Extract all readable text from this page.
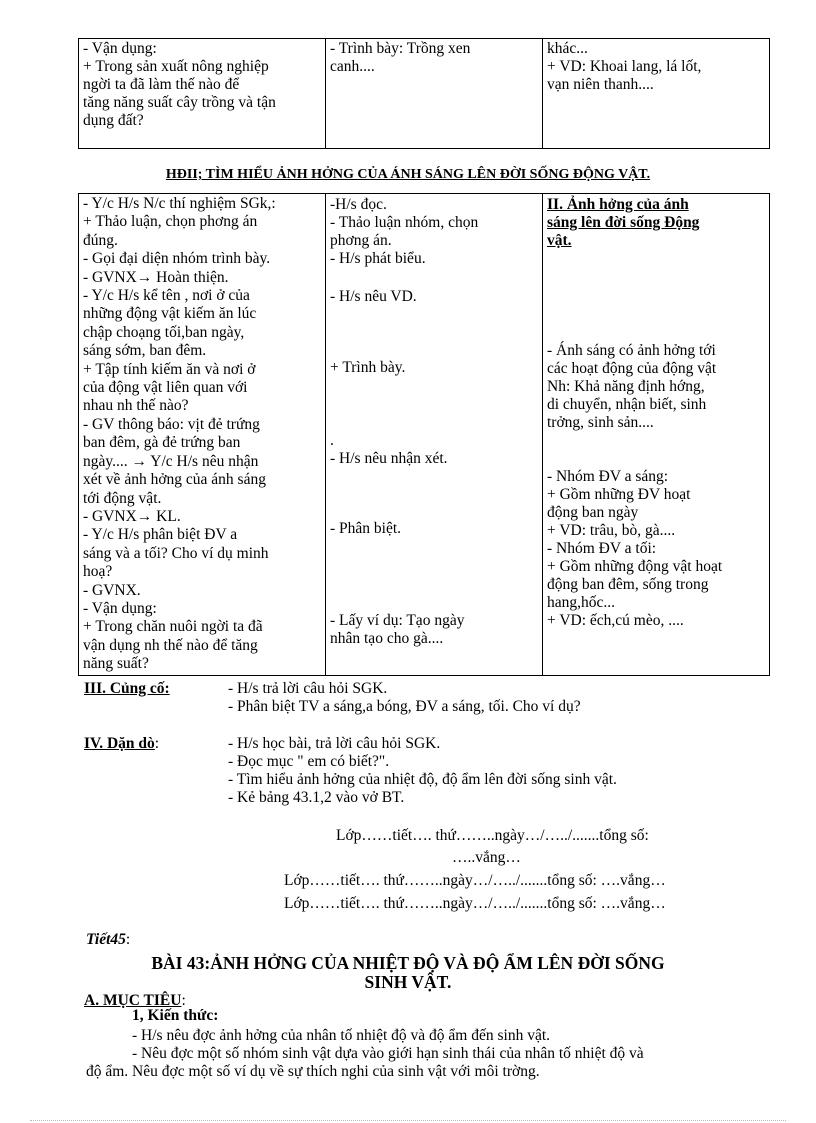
- Vận dụng:
+ Trong sản xuất nông nghiệp
ngời ta đã làm thế nào để
tăng năng suất cây trồng và tận
dụng đất?

- Trình bày: Trồng xen
canh....

khác...
+ VD: Khoai lang, lá lốt,
vạn niên thanh....
HĐII; TÌM HIỂU ẢNH HỞNG CỦA ÁNH SÁNG LÊN ĐỜI SỐNG ĐỘNG VẬT.
- Y/c H/s N/c thí nghiệm SGk,:
+ Thảo luận, chọn phơng án
đúng.
- Gọi đại diện nhóm trình bày.
- GVNX→ Hoàn thiện.
- Y/c H/s kể tên , nơi ở của
những động vật kiếm ăn lúc
chập choạng tối,ban ngày,
sáng sớm, ban đêm.
+ Tập tính kiếm ăn và nơi ở
của động vật liên quan với
nhau nh thế nào?
- GV thông báo: vịt đẻ trứng
ban đêm, gà đẻ trứng ban
ngày.... → Y/c H/s nêu nhận
xét về ảnh hởng của ánh sáng
tới động vật.
- GVNX→ KL.
- Y/c H/s phân biệt ĐV a
sáng và a tối? Cho ví dụ minh
hoạ?
- GVNX.
- Vận dụng:
+ Trong chăn nuôi ngời ta đã
vận dụng nh thế nào để tăng
năng suất?

-H/s đọc.
- Thảo luận nhóm, chọn
phơng án.
- H/s phát biểu.
- H/s nêu VD.
+ Trình bày.
.
- H/s nêu nhận xét.
- Phân biệt.
- Lấy ví dụ: Tạo ngày
nhân tạo cho gà....

II. Ảnh hởng của ánh
sáng lên đời sống Động
vật.
- Ánh sáng có ảnh hởng tới
các hoạt động của động vật
Nh: Khả năng định hớng,
di chuyển, nhận biết, sinh
trởng, sinh sản....
- Nhóm ĐV a sáng:
+ Gồm những ĐV hoạt
động ban ngày
+ VD: trâu, bò, gà....
- Nhóm ĐV a tối:
+ Gồm những động vật hoạt
động ban đêm, sống trong
hang,hốc...
+ VD: ếch,cú mèo, ....
III. Củng cố:	- H/s trả lời câu hỏi SGK.
- Phân biệt TV a sáng,a bóng, ĐV a sáng, tối. Cho ví dụ?
IV. Dặn dò:	- H/s học bài, trả lời câu hỏi SGK.
- Đọc mục " em có biết?".
- Tìm hiểu ảnh hởng của nhiệt độ, độ ẩm lên đời sống sinh vật.
- Kẻ bảng 43.1,2 vào vở BT.
Lớp……tiết…. thứ……..ngày…/…../.......tổng số:
…..vắng…
Lớp……tiết…. thứ……..ngày…/…../.......tổng số: ….vắng…
Lớp……tiết…. thứ……..ngày…/…../.......tổng số: ….vắng…
Tiết45:
BÀI 43:ẢNH HỞNG CỦA NHIỆT ĐỘ VÀ ĐỘ ẨM LÊN ĐỜI SỐNG
SINH VẬT.
A. MỤC TIÊU:
1, Kiến thức:
- H/s nêu đợc ảnh hởng của nhân tố nhiệt độ và độ ẩm đến sinh vật.
- Nêu đợc một số nhóm sinh vật dựa vào giới hạn sinh thái của nhân tố nhiệt độ và
độ ẩm. Nêu đợc một số ví dụ về sự thích nghi của sinh vật với môi trờng.
